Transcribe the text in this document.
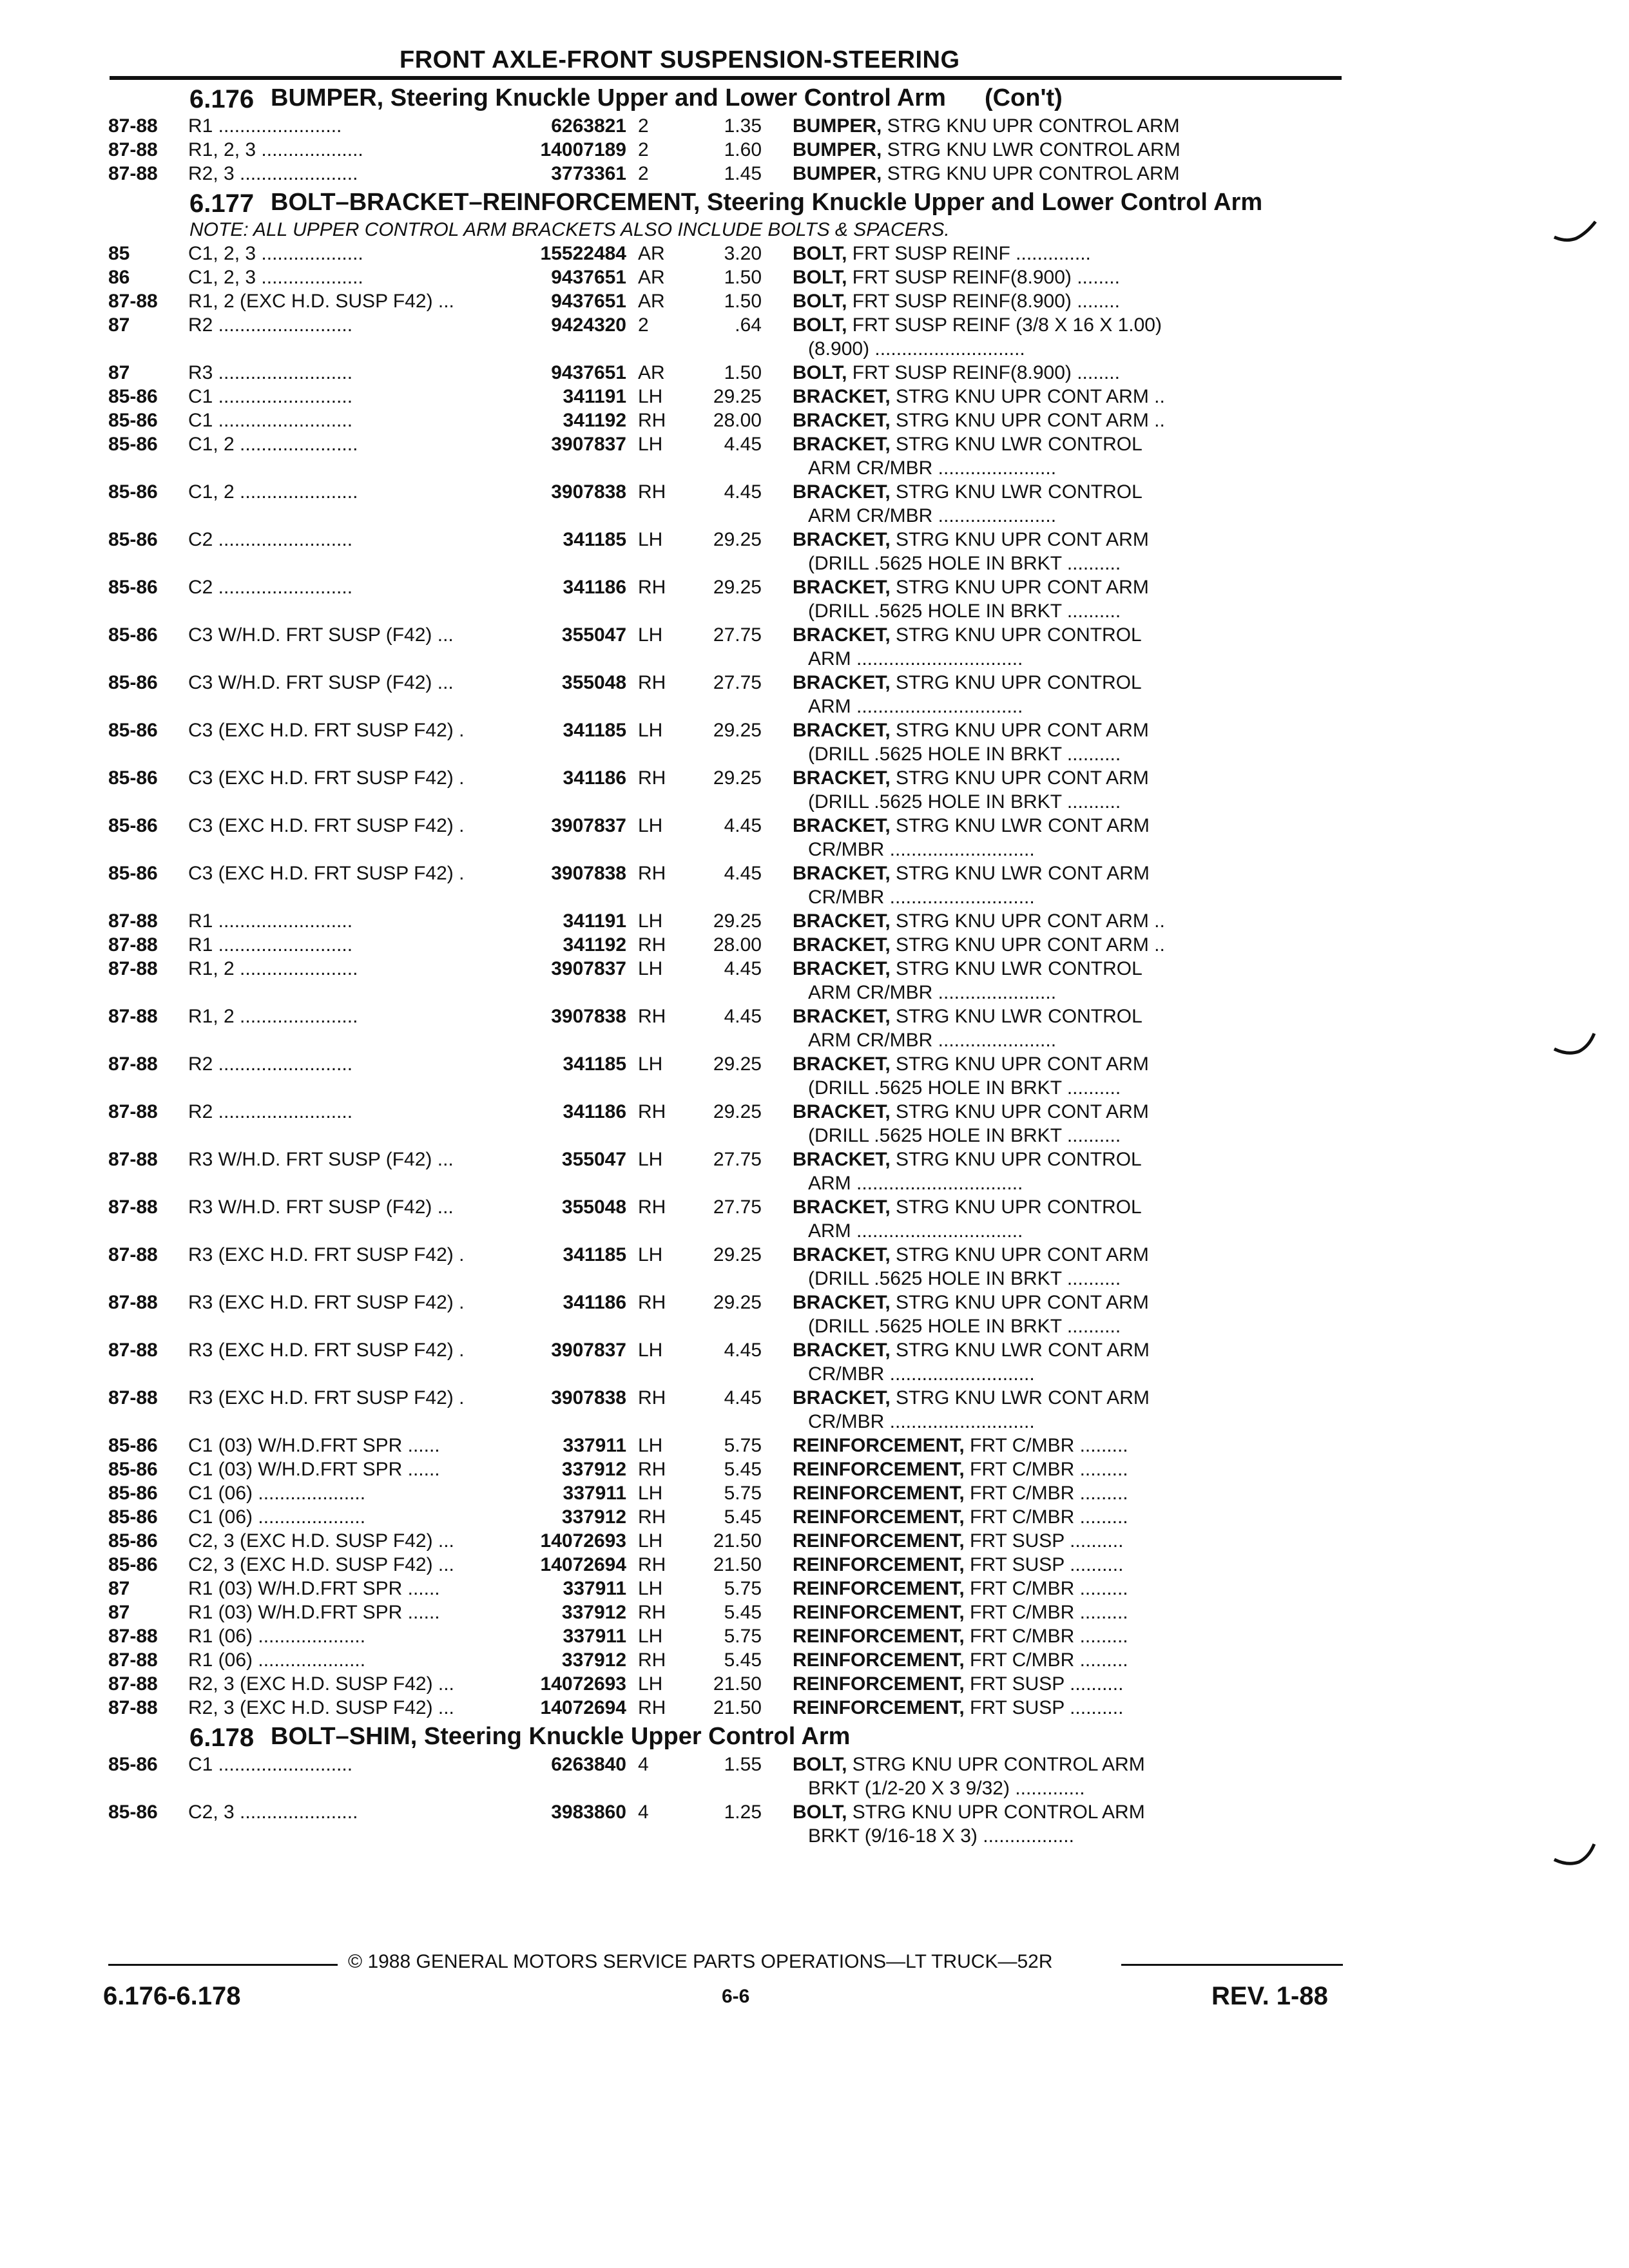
FRONT AXLE-FRONT SUSPENSION-STEERING
6.176 BUMPER, Steering Knuckle Upper and Lower Control Arm (Con't)
87-88	R1 .......................	6263821 2	1.35	BUMPER, STRG KNU UPR CONTROL ARM
87-88	R1, 2, 3 ...................	14007189 2	1.60	BUMPER, STRG KNU LWR CONTROL ARM
87-88	R2, 3 ......................	3773361 2	1.45	BUMPER, STRG KNU UPR CONTROL ARM
6.177 BOLT–BRACKET–REINFORCEMENT, Steering Knuckle Upper and Lower Control Arm
NOTE: ALL UPPER CONTROL ARM BRACKETS ALSO INCLUDE BOLTS & SPACERS.
85	C1, 2, 3 ...................	15522484 AR	3.20	BOLT, FRT SUSP REINF ..............
86	C1, 2, 3 ...................	9437651 AR	1.50	BOLT, FRT SUSP REINF(8.900) ........
87-88	R1, 2 (EXC H.D. SUSP F42) ...	9437651 AR	1.50	BOLT, FRT SUSP REINF(8.900) ........
87	R2 .........................	9424320 2	.64	BOLT, FRT SUSP REINF (3/8 X 16 X 1.00)
(8.900) ............................
87	R3 .........................	9437651 AR	1.50	BOLT, FRT SUSP REINF(8.900) ........
85-86	C1 .........................	341191 LH	29.25	BRACKET, STRG KNU UPR CONT ARM ..
85-86	C1 .........................	341192 RH	28.00	BRACKET, STRG KNU UPR CONT ARM ..
85-86	C1, 2 ......................	3907837 LH	4.45	BRACKET, STRG KNU LWR CONTROL
ARM CR/MBR ......................
85-86	C1, 2 ......................	3907838 RH	4.45	BRACKET, STRG KNU LWR CONTROL
ARM CR/MBR ......................
85-86	C2 .........................	341185 LH	29.25	BRACKET, STRG KNU UPR CONT ARM
(DRILL .5625 HOLE IN BRKT ..........
85-86	C2 .........................	341186 RH	29.25	BRACKET, STRG KNU UPR CONT ARM
(DRILL .5625 HOLE IN BRKT ..........
85-86	C3 W/H.D. FRT SUSP (F42) ...	355047 LH	27.75	BRACKET, STRG KNU UPR CONTROL
ARM ...............................
85-86	C3 W/H.D. FRT SUSP (F42) ...	355048 RH	27.75	BRACKET, STRG KNU UPR CONTROL
ARM ...............................
85-86	C3 (EXC H.D. FRT SUSP F42) .	341185 LH	29.25	BRACKET, STRG KNU UPR CONT ARM
(DRILL .5625 HOLE IN BRKT ..........
85-86	C3 (EXC H.D. FRT SUSP F42) .	341186 RH	29.25	BRACKET, STRG KNU UPR CONT ARM
(DRILL .5625 HOLE IN BRKT ..........
85-86	C3 (EXC H.D. FRT SUSP F42) .	3907837 LH	4.45	BRACKET, STRG KNU LWR CONT ARM
CR/MBR ...........................
85-86	C3 (EXC H.D. FRT SUSP F42) .	3907838 RH	4.45	BRACKET, STRG KNU LWR CONT ARM
CR/MBR ...........................
87-88	R1 .........................	341191 LH	29.25	BRACKET, STRG KNU UPR CONT ARM ..
87-88	R1 .........................	341192 RH	28.00	BRACKET, STRG KNU UPR CONT ARM ..
87-88	R1, 2 ......................	3907837 LH	4.45	BRACKET, STRG KNU LWR CONTROL
ARM CR/MBR ......................
87-88	R1, 2 ......................	3907838 RH	4.45	BRACKET, STRG KNU LWR CONTROL
ARM CR/MBR ......................
87-88	R2 .........................	341185 LH	29.25	BRACKET, STRG KNU UPR CONT ARM
(DRILL .5625 HOLE IN BRKT ..........
87-88	R2 .........................	341186 RH	29.25	BRACKET, STRG KNU UPR CONT ARM
(DRILL .5625 HOLE IN BRKT ..........
87-88	R3 W/H.D. FRT SUSP (F42) ...	355047 LH	27.75	BRACKET, STRG KNU UPR CONTROL
ARM ...............................
87-88	R3 W/H.D. FRT SUSP (F42) ...	355048 RH	27.75	BRACKET, STRG KNU UPR CONTROL
ARM ...............................
87-88	R3 (EXC H.D. FRT SUSP F42) .	341185 LH	29.25	BRACKET, STRG KNU UPR CONT ARM
(DRILL .5625 HOLE IN BRKT ..........
87-88	R3 (EXC H.D. FRT SUSP F42) .	341186 RH	29.25	BRACKET, STRG KNU UPR CONT ARM
(DRILL .5625 HOLE IN BRKT ..........
87-88	R3 (EXC H.D. FRT SUSP F42) .	3907837 LH	4.45	BRACKET, STRG KNU LWR CONT ARM
CR/MBR ...........................
87-88	R3 (EXC H.D. FRT SUSP F42) .	3907838 RH	4.45	BRACKET, STRG KNU LWR CONT ARM
CR/MBR ...........................
85-86	C1 (03) W/H.D.FRT SPR ......	337911 LH	5.75	REINFORCEMENT, FRT C/MBR .........
85-86	C1 (03) W/H.D.FRT SPR ......	337912 RH	5.45	REINFORCEMENT, FRT C/MBR .........
85-86	C1 (06) ....................	337911 LH	5.75	REINFORCEMENT, FRT C/MBR .........
85-86	C1 (06) ....................	337912 RH	5.45	REINFORCEMENT, FRT C/MBR .........
85-86	C2, 3 (EXC H.D. SUSP F42) ...	14072693 LH	21.50	REINFORCEMENT, FRT SUSP ..........
85-86	C2, 3 (EXC H.D. SUSP F42) ...	14072694 RH	21.50	REINFORCEMENT, FRT SUSP ..........
87	R1 (03) W/H.D.FRT SPR ......	337911 LH	5.75	REINFORCEMENT, FRT C/MBR .........
87	R1 (03) W/H.D.FRT SPR ......	337912 RH	5.45	REINFORCEMENT, FRT C/MBR .........
87-88	R1 (06) ....................	337911 LH	5.75	REINFORCEMENT, FRT C/MBR .........
87-88	R1 (06) ....................	337912 RH	5.45	REINFORCEMENT, FRT C/MBR .........
87-88	R2, 3 (EXC H.D. SUSP F42) ...	14072693 LH	21.50	REINFORCEMENT, FRT SUSP ..........
87-88	R2, 3 (EXC H.D. SUSP F42) ...	14072694 RH	21.50	REINFORCEMENT, FRT SUSP ..........
6.178 BOLT–SHIM, Steering Knuckle Upper Control Arm
85-86	C1 .........................	6263840 4	1.55	BOLT, STRG KNU UPR CONTROL ARM
BRKT (1/2-20 X 3 9/32) .............
85-86	C2, 3 ......................	3983860 4	1.25	BOLT, STRG KNU UPR CONTROL ARM
BRKT (9/16-18 X 3) .................
© 1988 GENERAL MOTORS SERVICE PARTS OPERATIONS—LT TRUCK—52R
6.176-6.178	6-6	REV. 1-88
